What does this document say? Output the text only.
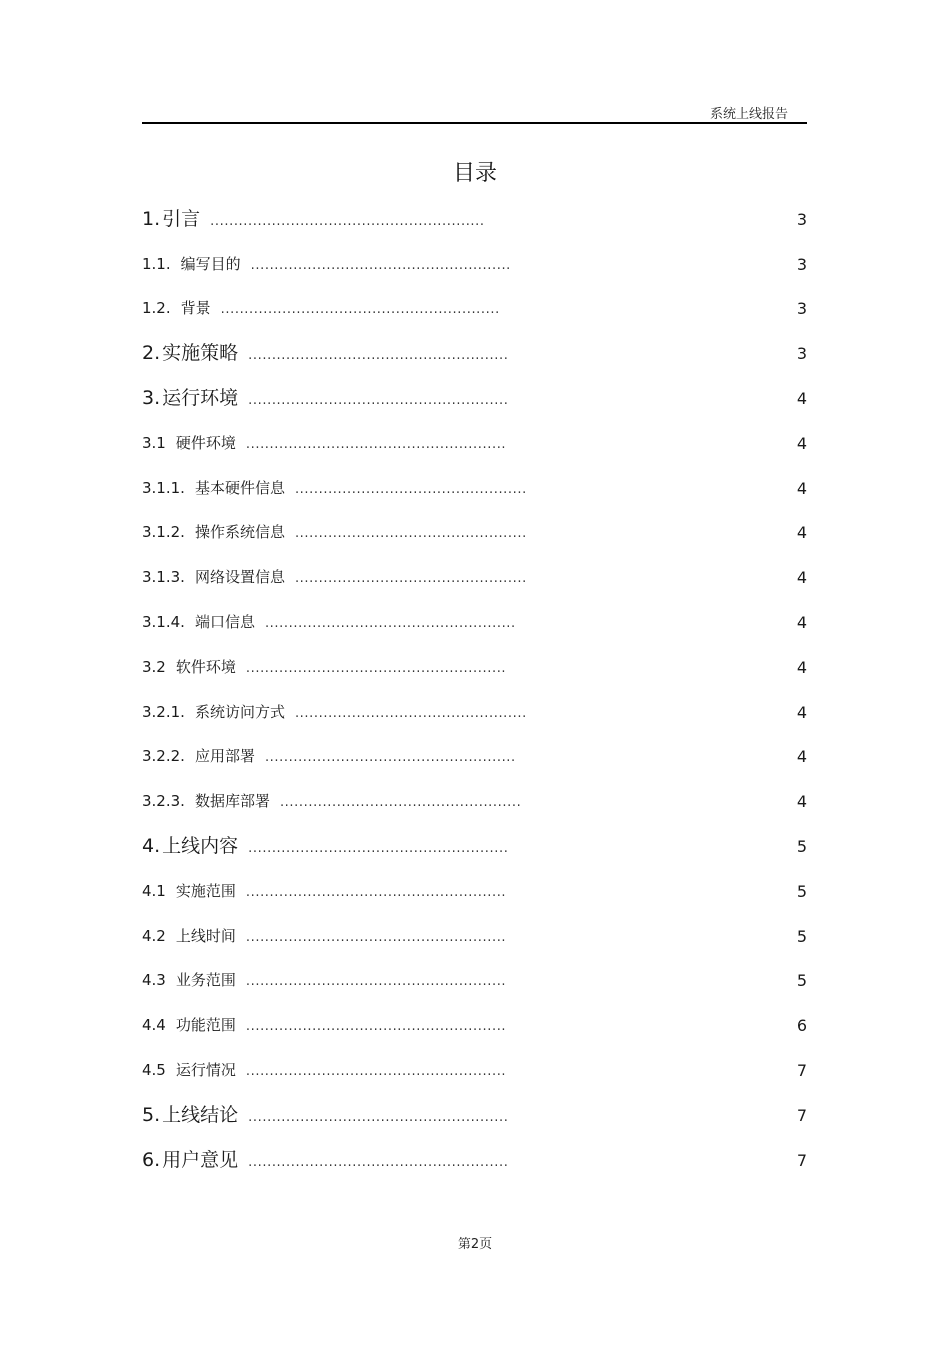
系统上线报告
目录
1. 引言 ..........................................................	3
1.1. 编写目的 .......................................................	3
1.2. 背景 ...........................................................	3
2. 实施策略 .......................................................	3
3. 运行环境 .......................................................	4
3.1 硬件环境 .......................................................	4
3.1.1. 基本硬件信息 .................................................	4
3.1.2. 操作系统信息 .................................................	4
3.1.3. 网络设置信息 .................................................	4
3.1.4. 端口信息 .....................................................	4
3.2 软件环境 .......................................................	4
3.2.1. 系统访问方式 .................................................	4
3.2.2. 应用部署 .....................................................	4
3.2.3. 数据库部署 ...................................................	4
4. 上线内容 .......................................................	5
4.1 实施范围 .......................................................	5
4.2 上线时间 .......................................................	5
4.3 业务范围 .......................................................	5
4.4 功能范围 .......................................................	6
4.5 运行情况 .......................................................	7
5. 上线结论 .......................................................	7
6. 用户意见 .......................................................	7
第2页
